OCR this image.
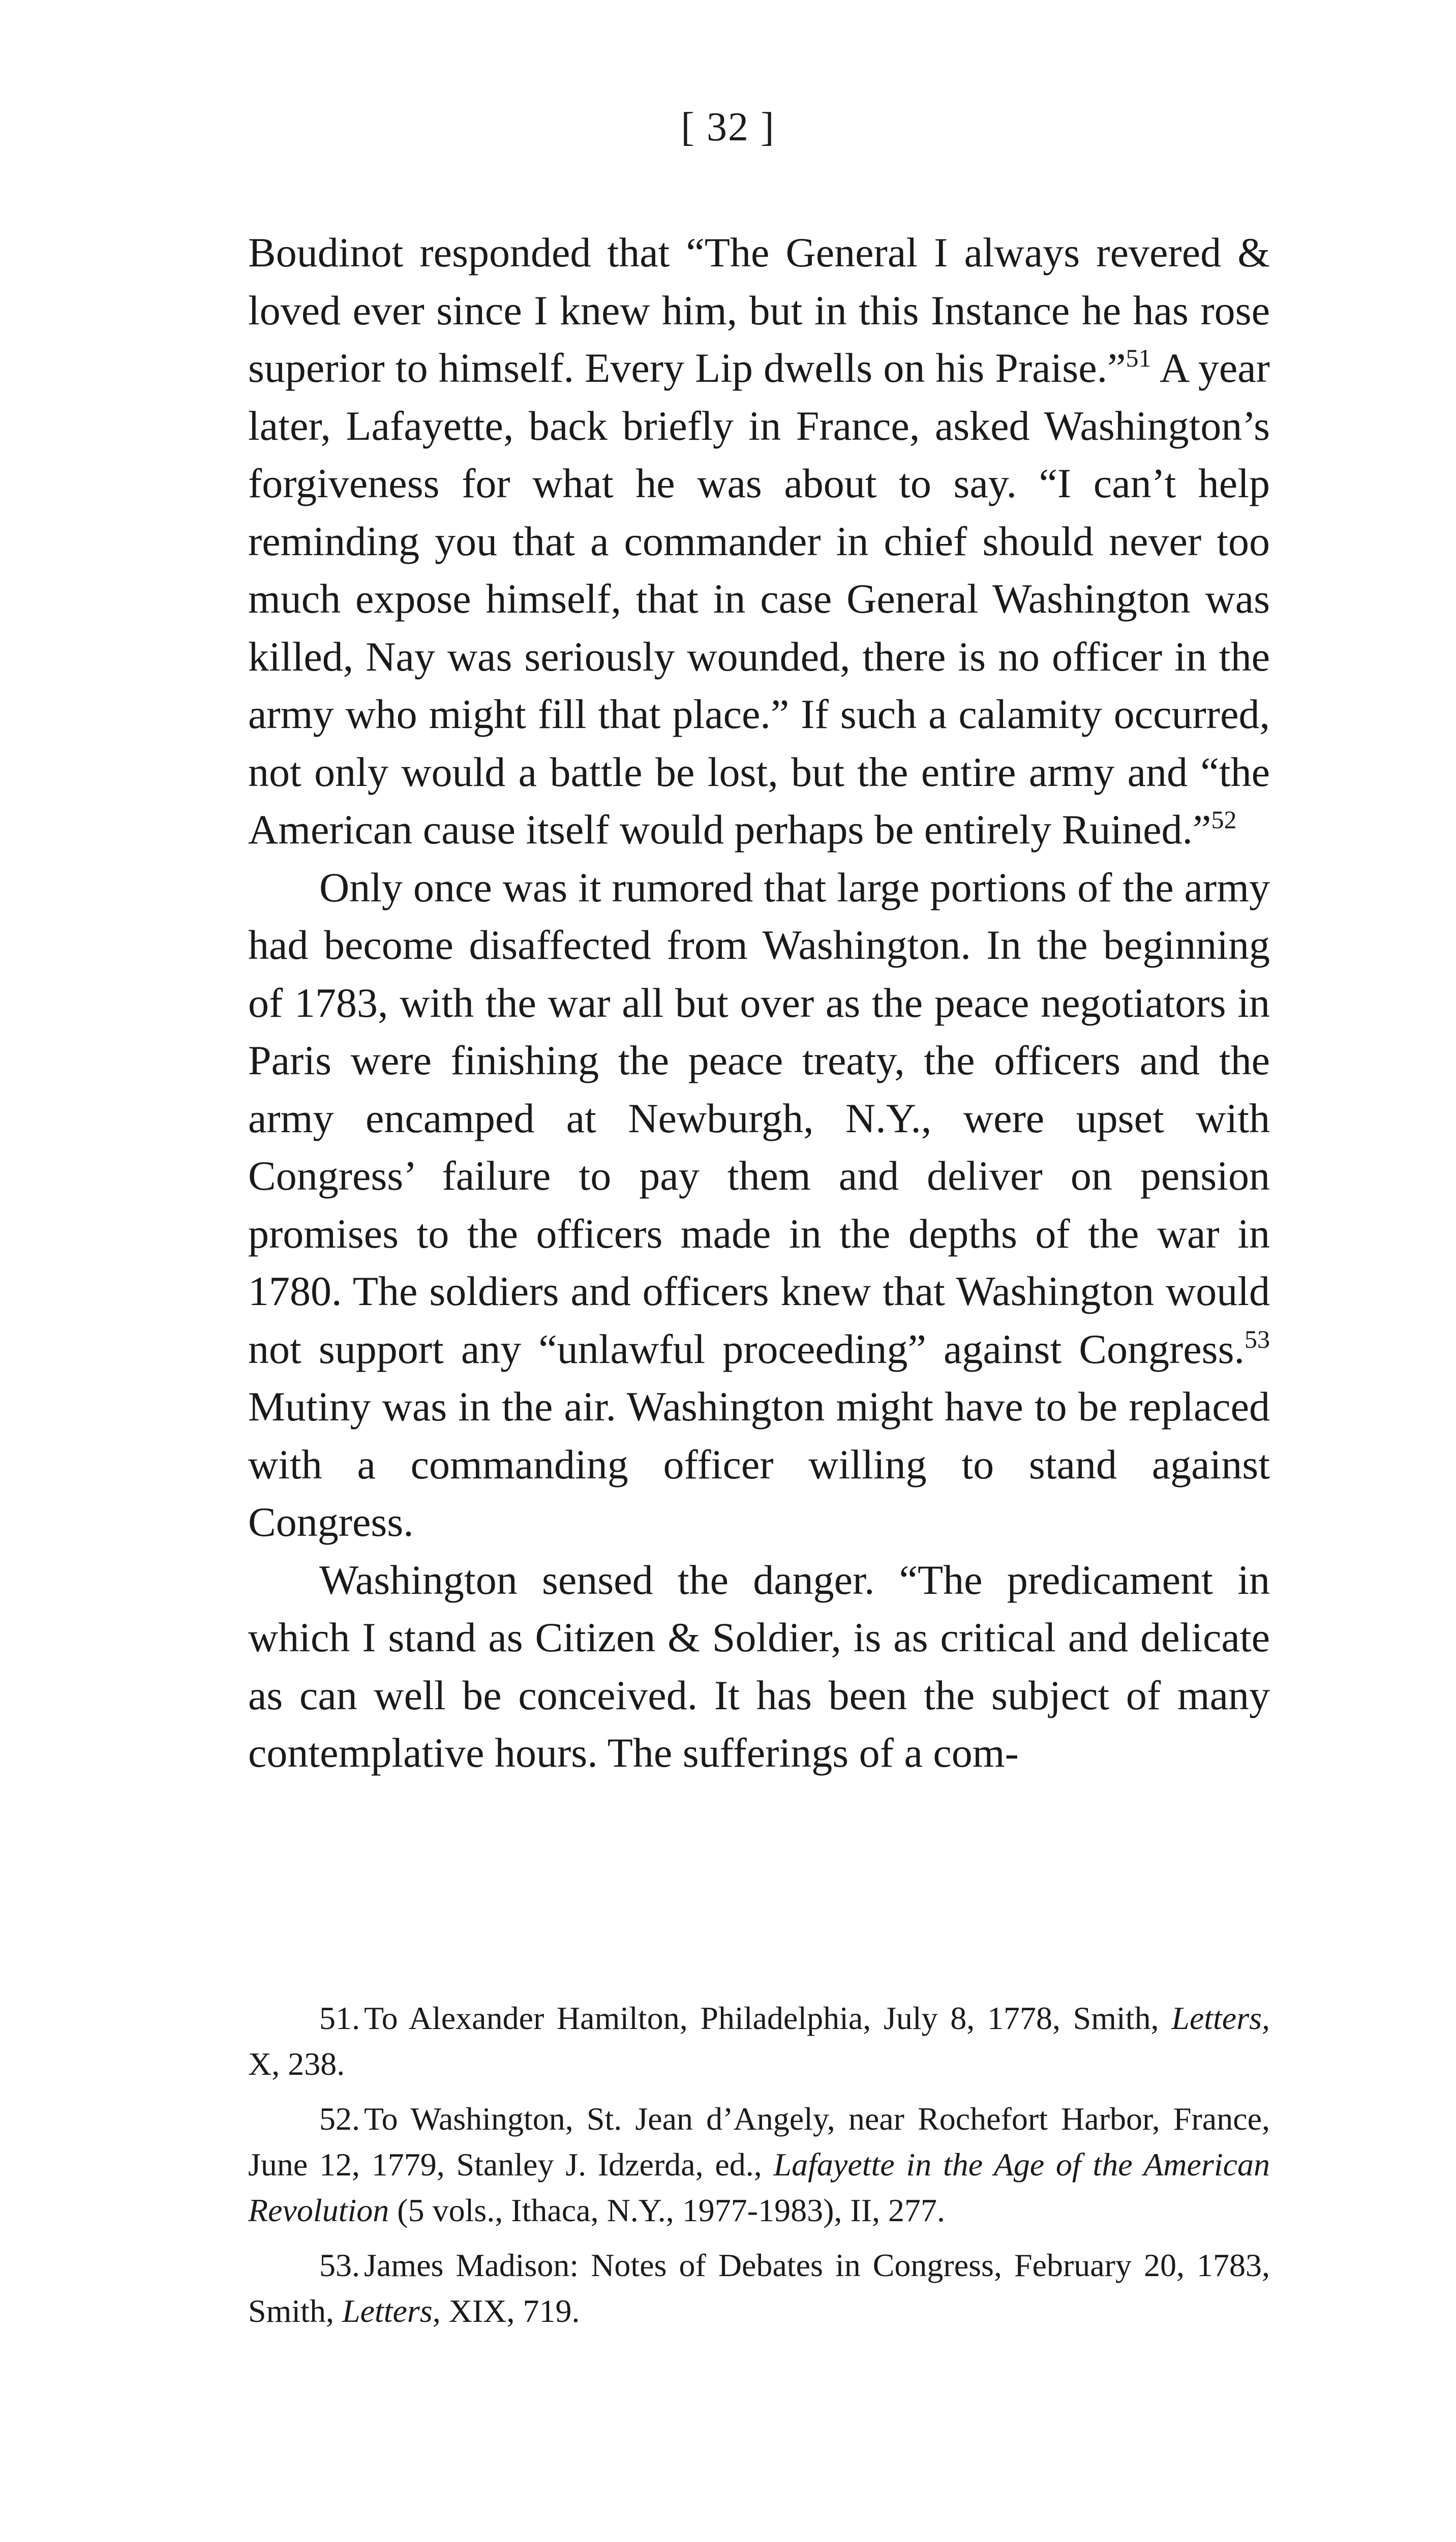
[ 32 ]

Boudinot responded that “The General I always revered & loved ever since I knew him, but in this Instance he has rose superior to himself. Every Lip dwells on his Praise.”$^{51}$ A year later, Lafayette, back briefly in France, asked Washington’s forgiveness for what he was about to say. “I can’t help reminding you that a commander in chief should never too much expose himself, that in case General Washington was killed, Nay was seriously wounded, there is no officer in the army who might fill that place.” If such a calamity occurred, not only would a battle be lost, but the entire army and “the American cause itself would perhaps be entirely Ruined.”$^{52}$

Only once was it rumored that large portions of the army had become disaffected from Washington. In the beginning of 1783, with the war all but over as the peace negotiators in Paris were finishing the peace treaty, the officers and the army encamped at Newburgh, N.Y., were upset with Congress’ failure to pay them and deliver on pension promises to the officers made in the depths of the war in 1780. The soldiers and officers knew that Washington would not support any “unlawful proceeding” against Congress.$^{53}$ Mutiny was in the air. Washington might have to be replaced with a commanding officer willing to stand against Congress.

Washington sensed the danger. “The predicament in which I stand as Citizen & Soldier, is as critical and delicate as can well be conceived. It has been the subject of many contemplative hours. The sufferings of a com-

51. To Alexander Hamilton, Philadelphia, July 8, 1778, Smith, Letters, X, 238.

52. To Washington, St. Jean d’Angely, near Rochefort Harbor, France, June 12, 1779, Stanley J. Idzerda, ed., Lafayette in the Age of the American Revolution (5 vols., Ithaca, N.Y., 1977-1983), II, 277.

53. James Madison: Notes of Debates in Congress, February 20, 1783, Smith, Letters, XIX, 719.
